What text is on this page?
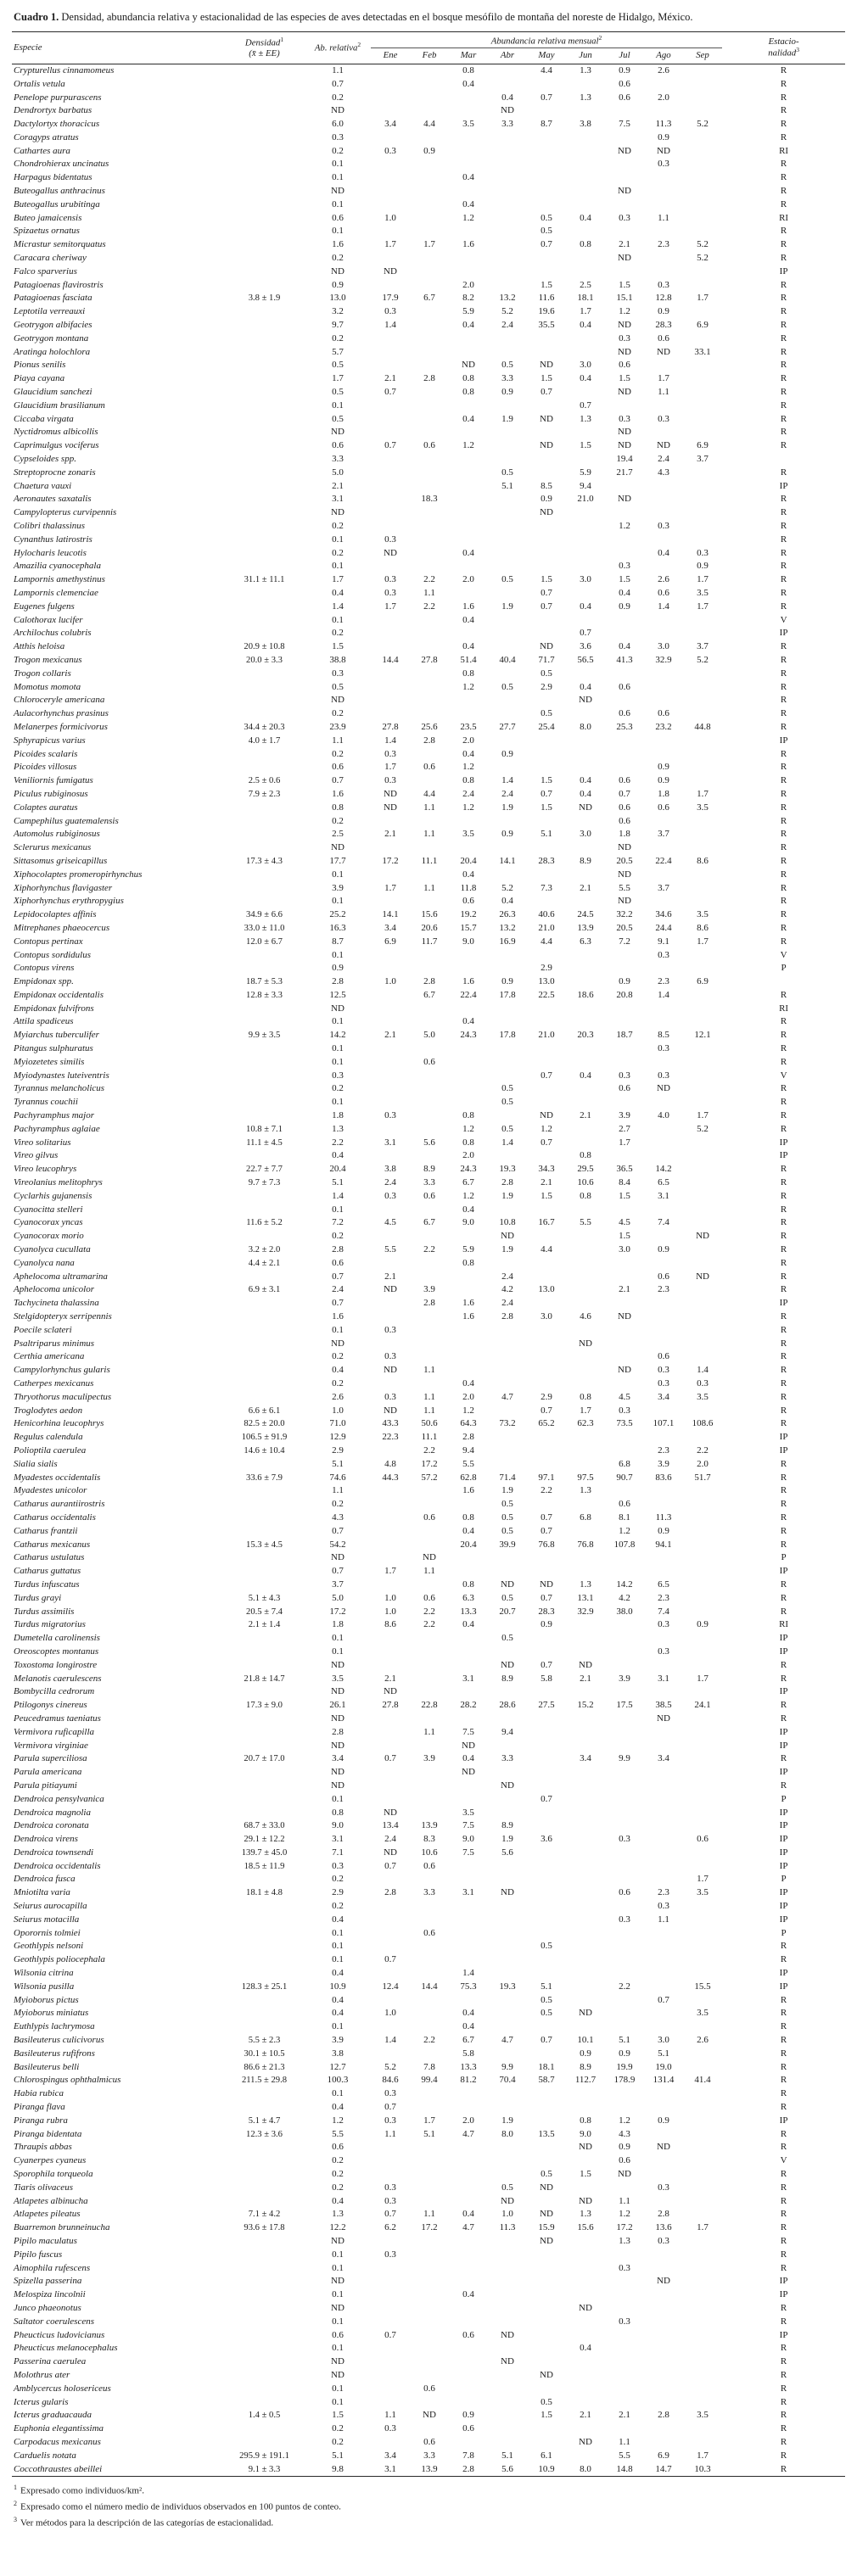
Cuadro 1. Densidad, abundancia relativa y estacionalidad de las especies de aves detectadas en el bosque mesófilo de montaña del noreste de Hidalgo, México.
Especie	Densidad$^1$
(x̄ ± EE)	Ab. relativa$^2$	Abundancia relativa mensual$^2$									Estacio-
nalidad$^3$
			Ene	Feb	Mar	Abr	May	Jun	Jul	Ago	Sep	
Crypturellus cinnamomeus		1.1			0.8		4.4	1.3	0.9	2.6		R
Ortalis vetula		0.7			0.4				0.6			R
Penelope purpurascens		0.2				0.4	0.7	1.3	0.6	2.0		R
Dendrortyx barbatus		ND				ND						R
Dactylortyx thoracicus		6.0	3.4	4.4	3.5	3.3	8.7	3.8	7.5	11.3	5.2	R
Coragyps atratus		0.3								0.9		R
Cathartes aura		0.2	0.3	0.9					ND	ND		RI
Chondrohierax uncinatus		0.1								0.3		R
Harpagus bidentatus		0.1			0.4							R
Buteogallus anthracinus		ND							ND			R
Buteogallus urubitinga		0.1			0.4							R
Buteo jamaicensis		0.6	1.0		1.2		0.5	0.4	0.3	1.1		RI
Spizaetus ornatus		0.1					0.5					R
Micrastur semitorquatus		1.6	1.7	1.7	1.6		0.7	0.8	2.1	2.3	5.2	R
Caracara cheriway		0.2							ND		5.2	R
Falco sparverius		ND	ND									IP
Patagioenas flavirostris		0.9			2.0		1.5	2.5	1.5	0.3		R
Patagioenas fasciata	3.8 ± 1.9	13.0	17.9	6.7	8.2	13.2	11.6	18.1	15.1	12.8	1.7	R
Leptotila verreauxi		3.2	0.3		5.9	5.2	19.6	1.7	1.2	0.9		R
Geotrygon albifacies		9.7	1.4		0.4	2.4	35.5	0.4	ND	28.3	6.9	R
Geotrygon montana		0.2							0.3	0.6		R
Aratinga holochlora		5.7							ND	ND	33.1	R
Pionus senilis		0.5			ND	0.5	ND	3.0	0.6			R
Piaya cayana		1.7	2.1	2.8	0.8	3.3	1.5	0.4	1.5	1.7		R
Glaucidium sanchezi		0.5	0.7		0.8	0.9	0.7		ND	1.1		R
Glaucidium brasilianum		0.1						0.7				R
Ciccaba virgata		0.5			0.4	1.9	ND	1.3	0.3	0.3		R
Nyctidromus albicollis		ND							ND			R
Caprimulgus vociferus		0.6	0.7	0.6	1.2		ND	1.5	ND	ND	6.9	R
Cypseloides spp.		3.3							19.4	2.4	3.7	
Streptoprocne zonaris		5.0				0.5		5.9	21.7	4.3		R
Chaetura vauxi		2.1				5.1	8.5	9.4				IP
Aeronautes saxatalis		3.1		18.3			0.9	21.0	ND			R
Campylopterus curvipennis		ND					ND					R
Colibri thalassinus		0.2							1.2	0.3		R
Cynanthus latirostris		0.1	0.3									R
Hylocharis leucotis		0.2	ND		0.4					0.4	0.3	R
Amazilia cyanocephala		0.1							0.3		0.9	R
Lampornis amethystinus	31.1 ± 11.1	1.7	0.3	2.2	2.0	0.5	1.5	3.0	1.5	2.6	1.7	R
Lampornis clemenciae		0.4	0.3	1.1			0.7		0.4	0.6	3.5	R
Eugenes fulgens		1.4	1.7	2.2	1.6	1.9	0.7	0.4	0.9	1.4	1.7	R
Calothorax lucifer		0.1			0.4							V
Archilochus colubris		0.2						0.7				IP
Atthis heloisa	20.9 ± 10.8	1.5			0.4		ND	3.6	0.4	3.0	3.7	R
Trogon mexicanus	20.0 ± 3.3	38.8	14.4	27.8	51.4	40.4	71.7	56.5	41.3	32.9	5.2	R
Trogon collaris		0.3			0.8		0.5					R
Momotus momota		0.5			1.2	0.5	2.9	0.4	0.6			R
Chloroceryle americana		ND						ND				R
Aulacorhynchus prasinus		0.2					0.5		0.6	0.6		R
Melanerpes formicivorus	34.4 ± 20.3	23.9	27.8	25.6	23.5	27.7	25.4	8.0	25.3	23.2	44.8	R
Sphyrapicus varius	4.0 ± 1.7	1.1	1.4	2.8	2.0							IP
Picoides scalaris		0.2	0.3		0.4	0.9						R
Picoides villosus		0.6	1.7	0.6	1.2					0.9		R
Veniliornis fumigatus	2.5 ± 0.6	0.7	0.3		0.8	1.4	1.5	0.4	0.6	0.9		R
Piculus rubiginosus	7.9 ± 2.3	1.6	ND	4.4	2.4	2.4	0.7	0.4	0.7	1.8	1.7	R
Colaptes auratus		0.8	ND	1.1	1.2	1.9	1.5	ND	0.6	0.6	3.5	R
Campephilus guatemalensis		0.2							0.6			R
Automolus rubiginosus		2.5	2.1	1.1	3.5	0.9	5.1	3.0	1.8	3.7		R
Sclerurus mexicanus		ND							ND			R
Sittasomus griseicapillus	17.3 ± 4.3	17.7	17.2	11.1	20.4	14.1	28.3	8.9	20.5	22.4	8.6	R
Xiphocolaptes promeropirhynchus		0.1			0.4				ND			R
Xiphorhynchus flavigaster		3.9	1.7	1.1	11.8	5.2	7.3	2.1	5.5	3.7		R
Xiphorhynchus erythropygius		0.1			0.6	0.4			ND			R
Lepidocolaptes affinis	34.9 ± 6.6	25.2	14.1	15.6	19.2	26.3	40.6	24.5	32.2	34.6	3.5	R
Mitrephanes phaeocercus	33.0 ± 11.0	16.3	3.4	20.6	15.7	13.2	21.0	13.9	20.5	24.4	8.6	R
Contopus pertinax	12.0 ± 6.7	8.7	6.9	11.7	9.0	16.9	4.4	6.3	7.2	9.1	1.7	R
Contopus sordidulus		0.1								0.3		V
Contopus virens		0.9					2.9					P
Empidonax spp.	18.7 ± 5.3	2.8	1.0	2.8	1.6	0.9	13.0		0.9	2.3	6.9	
Empidonax occidentalis	12.8 ± 3.3	12.5		6.7	22.4	17.8	22.5	18.6	20.8	1.4		R
Empidonax fulvifrons		ND										RI
Attila spadiceus		0.1			0.4							R
Myiarchus tuberculifer	9.9 ± 3.5	14.2	2.1	5.0	24.3	17.8	21.0	20.3	18.7	8.5	12.1	R
Pitangus sulphuratus		0.1								0.3		R
Myiozetetes similis		0.1		0.6								R
Myiodynastes luteiventris		0.3					0.7	0.4	0.3	0.3		V
Tyrannus melancholicus		0.2				0.5			0.6	ND		R
Tyrannus couchii		0.1				0.5						R
Pachyramphus major		1.8	0.3		0.8		ND	2.1	3.9	4.0	1.7	R
Pachyramphus aglaiae	10.8 ± 7.1	1.3			1.2	0.5	1.2		2.7		5.2	R
Vireo solitarius	11.1 ± 4.5	2.2	3.1	5.6	0.8	1.4	0.7		1.7			IP
Vireo gilvus		0.4			2.0			0.8				IP
Vireo leucophrys	22.7 ± 7.7	20.4	3.8	8.9	24.3	19.3	34.3	29.5	36.5	14.2		R
Vireolanius melitophrys	9.7 ± 7.3	5.1	2.4	3.3	6.7	2.8	2.1	10.6	8.4	6.5		R
Cyclarhis gujanensis		1.4	0.3	0.6	1.2	1.9	1.5	0.8	1.5	3.1		R
Cyanocitta stelleri		0.1			0.4							R
Cyanocorax yncas	11.6 ± 5.2	7.2	4.5	6.7	9.0	10.8	16.7	5.5	4.5	7.4		R
Cyanocorax morio		0.2				ND			1.5		ND	R
Cyanolyca cucullata	3.2 ± 2.0	2.8	5.5	2.2	5.9	1.9	4.4		3.0	0.9		R
Cyanolyca nana	4.4 ± 2.1	0.6			0.8							R
Aphelocoma ultramarina		0.7	2.1			2.4				0.6	ND	R
Aphelocoma unicolor	6.9 ± 3.1	2.4	ND	3.9		4.2	13.0		2.1	2.3		R
Tachycineta thalassina		0.7		2.8	1.6	2.4						IP
Stelgidopteryx serripennis		1.6			1.6	2.8	3.0	4.6	ND			R
Poecile sclateri		0.1	0.3									R
Psaltriparus minimus		ND						ND				R
Certhia americana		0.2	0.3							0.6		R
Campylorhynchus gularis		0.4	ND	1.1					ND	0.3	1.4	R
Catherpes mexicanus		0.2			0.4					0.3	0.3	R
Thryothorus maculipectus		2.6	0.3	1.1	2.0	4.7	2.9	0.8	4.5	3.4	3.5	R
Troglodytes aedon	6.6 ± 6.1	1.0	ND	1.1	1.2		0.7	1.7	0.3			R
Henicorhina leucophrys	82.5 ± 20.0	71.0	43.3	50.6	64.3	73.2	65.2	62.3	73.5	107.1	108.6	R
Regulus calendula	106.5 ± 91.9	12.9	22.3	11.1	2.8							IP
Polioptila caerulea	14.6 ± 10.4	2.9		2.2	9.4					2.3	2.2	IP
Sialia sialis		5.1	4.8	17.2	5.5				6.8	3.9	2.0	R
Myadestes occidentalis	33.6 ± 7.9	74.6	44.3	57.2	62.8	71.4	97.1	97.5	90.7	83.6	51.7	R
Myadestes unicolor		1.1			1.6	1.9	2.2	1.3				R
Catharus aurantiirostris		0.2				0.5			0.6			R
Catharus occidentalis		4.3		0.6	0.8	0.5	0.7	6.8	8.1	11.3		R
Catharus frantzii		0.7			0.4	0.5	0.7		1.2	0.9		R
Catharus mexicanus	15.3 ± 4.5	54.2			20.4	39.9	76.8	76.8	107.8	94.1		R
Catharus ustulatus		ND		ND								P
Catharus guttatus		0.7	1.7	1.1								IP
Turdus infuscatus		3.7			0.8	ND	ND	1.3	14.2	6.5		R
Turdus grayi	5.1 ± 4.3	5.0	1.0	0.6	6.3	0.5	0.7	13.1	4.2	2.3		R
Turdus assimilis	20.5 ± 7.4	17.2	1.0	2.2	13.3	20.7	28.3	32.9	38.0	7.4		R
Turdus migratorius	2.1 ± 1.4	1.8	8.6	2.2	0.4		0.9			0.3	0.9	RI
Dumetella carolinensis		0.1				0.5						IP
Oreoscoptes montanus		0.1								0.3		IP
Toxostoma longirostre		ND				ND	0.7	ND				R
Melanotis caerulescens	21.8 ± 14.7	3.5	2.1		3.1	8.9	5.8	2.1	3.9	3.1	1.7	R
Bombycilla cedrorum		ND	ND									IP
Ptilogonys cinereus	17.3 ± 9.0	26.1	27.8	22.8	28.2	28.6	27.5	15.2	17.5	38.5	24.1	R
Peucedramus taeniatus		ND								ND		R
Vermivora ruficapilla		2.8		1.1	7.5	9.4						IP
Vermivora virginiae		ND			ND							IP
Parula superciliosa	20.7 ± 17.0	3.4	0.7	3.9	0.4	3.3		3.4	9.9	3.4		R
Parula americana		ND			ND							IP
Parula pitiayumi		ND				ND						R
Dendroica pensylvanica		0.1					0.7					P
Dendroica magnolia		0.8	ND		3.5							IP
Dendroica coronata	68.7 ± 33.0	9.0	13.4	13.9	7.5	8.9						IP
Dendroica virens	29.1 ± 12.2	3.1	2.4	8.3	9.0	1.9	3.6		0.3		0.6	IP
Dendroica townsendi	139.7 ± 45.0	7.1	ND	10.6	7.5	5.6						IP
Dendroica occidentalis	18.5 ± 11.9	0.3	0.7	0.6								IP
Dendroica fusca		0.2									1.7	P
Mniotilta varia	18.1 ± 4.8	2.9	2.8	3.3	3.1	ND			0.6	2.3	3.5	IP
Seiurus aurocapilla		0.2								0.3		IP
Seiurus motacilla		0.4							0.3	1.1		IP
Oporornis tolmiei		0.1		0.6								P
Geothlypis nelsoni		0.1					0.5					R
Geothlypis poliocephala		0.1	0.7									R
Wilsonia citrina		0.4			1.4							IP
Wilsonia pusilla	128.3 ± 25.1	10.9	12.4	14.4	75.3	19.3	5.1		2.2		15.5	IP
Myioborus pictus		0.4					0.5			0.7		R
Myioborus miniatus		0.4	1.0		0.4		0.5	ND			3.5	R
Euthlypis lachrymosa		0.1			0.4							R
Basileuterus culicivorus	5.5 ± 2.3	3.9	1.4	2.2	6.7	4.7	0.7	10.1	5.1	3.0	2.6	R
Basileuterus rufifrons	30.1 ± 10.5	3.8			5.8			0.9	0.9	5.1		R
Basileuterus belli	86.6 ± 21.3	12.7	5.2	7.8	13.3	9.9	18.1	8.9	19.9	19.0		R
Chlorospingus ophthalmicus	211.5 ± 29.8	100.3	84.6	99.4	81.2	70.4	58.7	112.7	178.9	131.4	41.4	R
Habia rubica		0.1	0.3									R
Piranga flava		0.4	0.7									R
Piranga rubra	5.1 ± 4.7	1.2	0.3	1.7	2.0	1.9		0.8	1.2	0.9		IP
Piranga bidentata	12.3 ± 3.6	5.5	1.1	5.1	4.7	8.0	13.5	9.0	4.3			R
Thraupis abbas		0.6						ND	0.9	ND		R
Cyanerpes cyaneus		0.2							0.6			V
Sporophila torqueola		0.2					0.5	1.5	ND			R
Tiaris olivaceus		0.2	0.3			0.5	ND			0.3		R
Atlapetes albinucha		0.4	0.3			ND		ND	1.1			R
Atlapetes pileatus	7.1 ± 4.2	1.3	0.7	1.1	0.4	1.0	ND	1.3	1.2	2.8		R
Buarremon brunneinucha	93.6 ± 17.8	12.2	6.2	17.2	4.7	11.3	15.9	15.6	17.2	13.6	1.7	R
Pipilo maculatus		ND					ND		1.3	0.3		R
Pipilo fuscus		0.1	0.3									R
Aimophila rufescens		0.1							0.3			R
Spizella passerina		ND								ND		IP
Melospiza lincolnii		0.1			0.4							IP
Junco phaeonotus		ND						ND				R
Saltator coerulescens		0.1							0.3			R
Pheucticus ludovicianus		0.6	0.7		0.6	ND						IP
Pheucticus melanocephalus		0.1						0.4				R
Passerina caerulea		ND				ND						R
Molothrus ater		ND					ND					R
Amblycercus holosericeus		0.1		0.6								R
Icterus gularis		0.1					0.5					R
Icterus graduacauda	1.4 ± 0.5	1.5	1.1	ND	0.9		1.5	2.1	2.1	2.8	3.5	R
Euphonia elegantissima		0.2	0.3		0.6							R
Carpodacus mexicanus		0.2		0.6				ND	1.1			R
Carduelis notata	295.9 ± 191.1	5.1	3.4	3.3	7.8	5.1	6.1		5.5	6.9	1.7	R
Coccothraustes abeillei	9.1 ± 3.3	9.8	3.1	13.9	2.8	5.6	10.9	8.0	14.8	14.7	10.3	R
$^1$ Expresado como individuos/km².
$^2$ Expresado como el número medio de individuos observados en 100 puntos de conteo.
$^3$ Ver métodos para la descripción de las categorías de estacionalidad.
